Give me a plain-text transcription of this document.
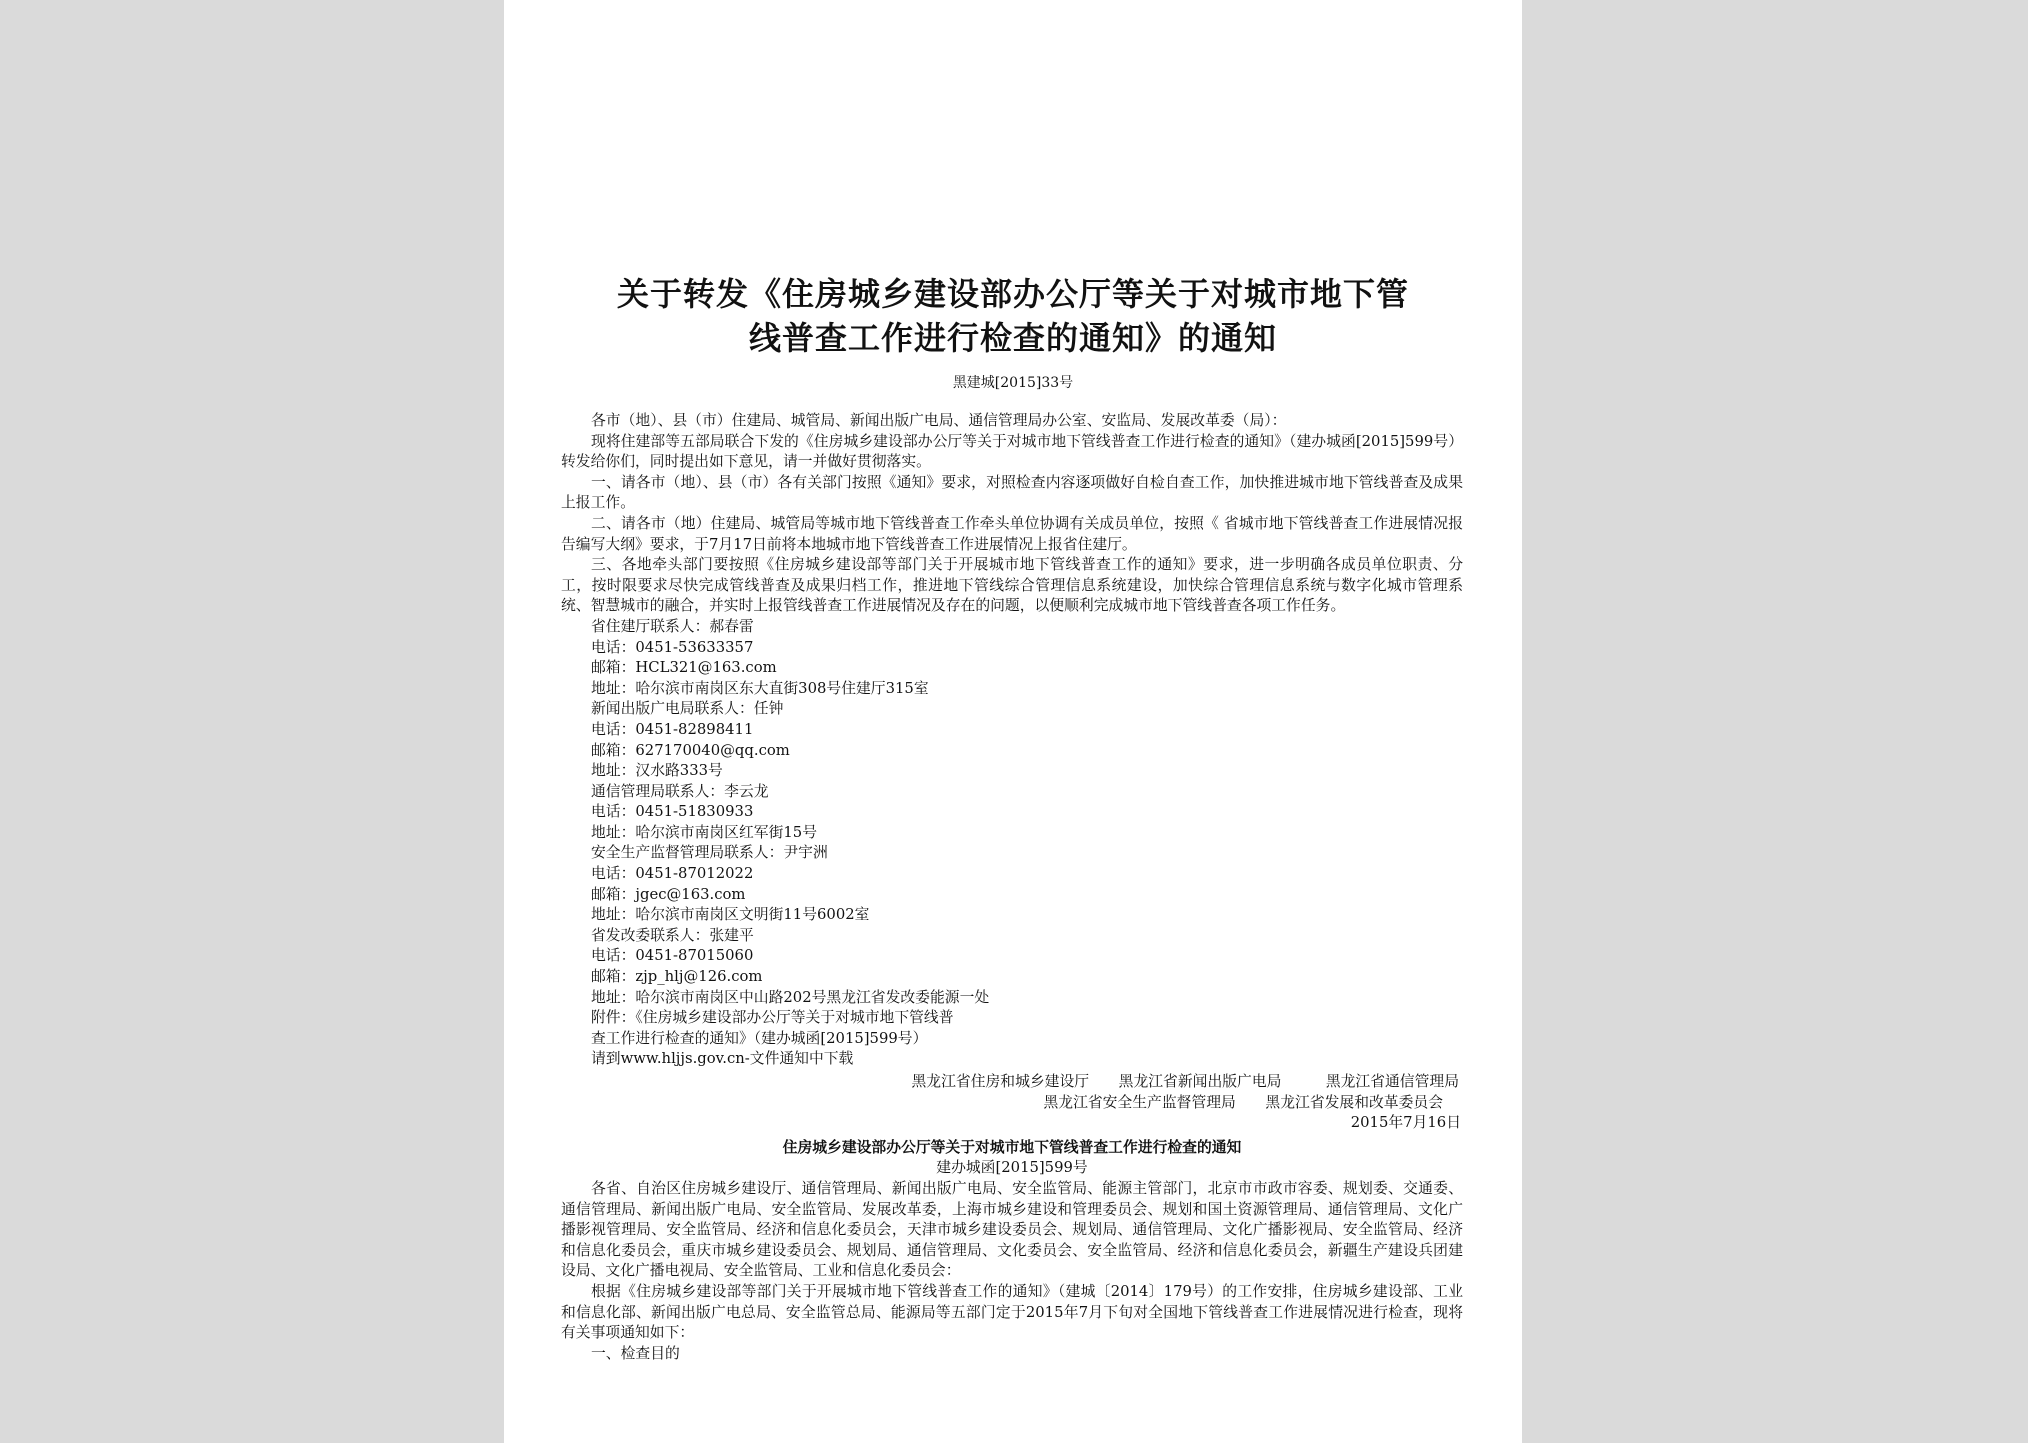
关于转发《住房城乡建设部办公厅等关于对城市地下管
线普查工作进行检查的通知》的通知
黑建城[2015]33号

各市（地）、县（市）住建局、城管局、新闻出版广电局、通信管理局办公室、安监局、发展改革委（局）：

现将住建部等五部局联合下发的《住房城乡建设部办公厅等关于对城市地下管线普查工作进行检查的通知》（建办城函[2015]599号）转发给你们，同时提出如下意见，请一并做好贯彻落实。

一、请各市（地）、县（市）各有关部门按照《通知》要求，对照检查内容逐项做好自检自查工作，加快推进城市地下管线普查及成果上报工作。

二、请各市（地）住建局、城管局等城市地下管线普查工作牵头单位协调有关成员单位，按照《 省城市地下管线普查工作进展情况报告编写大纲》要求，于7月17日前将本地城市地下管线普查工作进展情况上报省住建厅。

三、各地牵头部门要按照《住房城乡建设部等部门关于开展城市地下管线普查工作的通知》要求，进一步明确各成员单位职责、分工，按时限要求尽快完成管线普查及成果归档工作，推进地下管线综合管理信息系统建设，加快综合管理信息系统与数字化城市管理系统、智慧城市的融合，并实时上报管线普查工作进展情况及存在的问题，以便顺利完成城市地下管线普查各项工作任务。

省住建厅联系人：郝春雷

电话：0451-53633357

邮箱：HCL321@163.com

地址：哈尔滨市南岗区东大直街308号住建厅315室

新闻出版广电局联系人：任钟

电话：0451-82898411

邮箱：627170040@qq.com

地址：汉水路333号

通信管理局联系人：李云龙

电话：0451-51830933

地址：哈尔滨市南岗区红军街15号

安全生产监督管理局联系人：尹宇洲

电话：0451-87012022

邮箱：jgec@163.com

地址：哈尔滨市南岗区文明街11号6002室

省发改委联系人：张建平

电话：0451-87015060

邮箱：zjp_hlj@126.com

地址：哈尔滨市南岗区中山路202号黑龙江省发改委能源一处

附件：《住房城乡建设部办公厅等关于对城市地下管线普

查工作进行检查的通知》（建办城函[2015]599号）

请到www.hljjs.gov.cn-文件通知中下载

黑龙江省住房和城乡建设厅　　黑龙江省新闻出版广电局　　　黑龙江省通信管理局

黑龙江省安全生产监督管理局　　黑龙江省发展和改革委员会

2015年7月16日

住房城乡建设部办公厅等关于对城市地下管线普查工作进行检查的通知

建办城函[2015]599号

各省、自治区住房城乡建设厅、通信管理局、新闻出版广电局、安全监管局、能源主管部门，北京市市政市容委、规划委、交通委、通信管理局、新闻出版广电局、安全监管局、发展改革委，上海市城乡建设和管理委员会、规划和国土资源管理局、通信管理局、文化广播影视管理局、安全监管局、经济和信息化委员会，天津市城乡建设委员会、规划局、通信管理局、文化广播影视局、安全监管局、经济和信息化委员会，重庆市城乡建设委员会、规划局、通信管理局、文化委员会、安全监管局、经济和信息化委员会，新疆生产建设兵团建设局、文化广播电视局、安全监管局、工业和信息化委员会：

根据《住房城乡建设部等部门关于开展城市地下管线普查工作的通知》（建城〔2014〕179号）的工作安排，住房城乡建设部、工业和信息化部、新闻出版广电总局、安全监管总局、能源局等五部门定于2015年7月下旬对全国地下管线普查工作进展情况进行检查，现将有关事项通知如下：

一、检查目的
